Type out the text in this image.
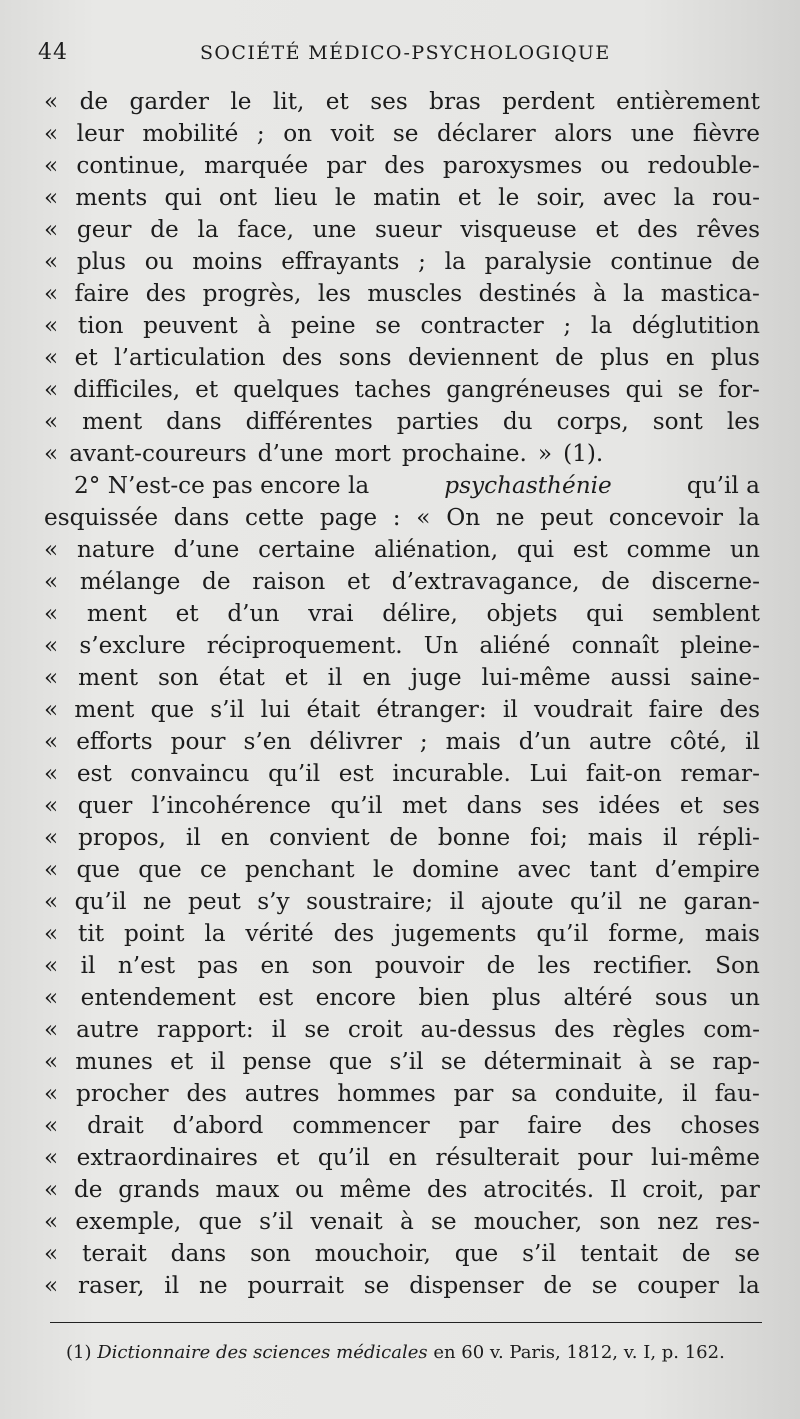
44	SOCIÉTÉ MÉDICO-PSYCHOLOGIQUE
« de garder le lit, et ses bras perdent entièrement
« leur mobilité ; on voit se déclarer alors une fièvre
« continue, marquée par des paroxysmes ou redouble-
« ments qui ont lieu le matin et le soir, avec la rou-
« geur de la face, une sueur visqueuse et des rêves
« plus ou moins effrayants ; la paralysie continue de
« faire des progrès, les muscles destinés à la mastica-
« tion peuvent à peine se contracter ; la déglutition
« et l’articulation des sons deviennent de plus en plus
« difficiles, et quelques taches gangréneuses qui se for-
« ment dans différentes parties du corps, sont les
« avant-coureurs d’une mort prochaine. » (1).
2° N’est-ce pas encore la	psychasthénie	qu’il a
esquissée dans cette page : « On ne peut concevoir la
« nature d’une certaine aliénation, qui est comme un
« mélange de raison et d’extravagance, de discerne-
« ment et d’un vrai délire, objets qui semblent
« s’exclure réciproquement. Un aliéné connaît pleine-
« ment son état et il en juge lui-même aussi saine-
« ment que s’il lui était étranger: il voudrait faire des
« efforts pour s’en délivrer ; mais d’un autre côté, il
« est convaincu qu’il est incurable. Lui fait-on remar-
« quer l’incohérence qu’il met dans ses idées et ses
« propos, il en convient de bonne foi; mais il répli-
« que que ce penchant le domine avec tant d’empire
« qu’il ne peut s’y soustraire; il ajoute qu’il ne garan-
« tit point la vérité des jugements qu’il forme, mais
« il n’est pas en son pouvoir de les rectifier. Son
« entendement est encore bien plus altéré sous un
« autre rapport: il se croit au-dessus des règles com-
« munes et il pense que s’il se déterminait à se rap-
« procher des autres hommes par sa conduite, il fau-
« drait d’abord commencer par faire des choses
« extraordinaires et qu’il en résulterait pour lui-même
« de grands maux ou même des atrocités. Il croit, par
« exemple, que s’il venait à se moucher, son nez res-
« terait dans son mouchoir, que s’il tentait de se
« raser, il ne pourrait se dispenser de se couper la
(1) Dictionnaire des sciences médicales en 60 v. Paris, 1812, v. I, p. 162.
